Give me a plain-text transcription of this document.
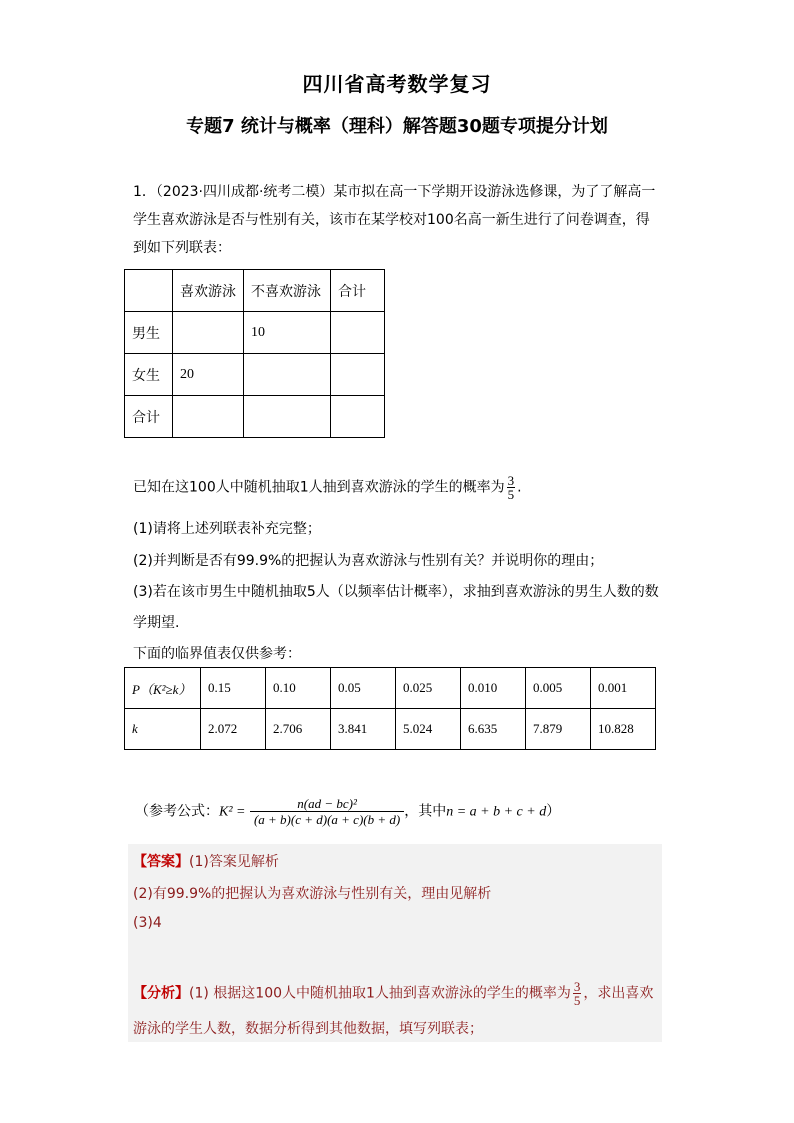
四川省高考数学复习
专题7 统计与概率（理科）解答题30题专项提分计划
1．（2023·四川成都·统考二模）某市拟在高一下学期开设游泳选修课，为了了解高一学生喜欢游泳是否与性别有关，该市在某学校对100名高一新生进行了问卷调查，得到如下列联表：
	喜欢游泳	不喜欢游泳	合计
男生		10	
女生	20		
合计			
已知在这100人中随机抽取1人抽到喜欢游泳的学生的概率为 $\frac{3}{5}$ .
(1)请将上述列联表补充完整；
(2)并判断是否有99.9%的把握认为喜欢游泳与性别有关？并说明你的理由；
(3)若在该市男生中随机抽取5人（以频率估计概率），求抽到喜欢游泳的男生人数的数
学期望.
下面的临界值表仅供参考：
P（K²≥k）	0.15	0.10	0.05	0.025	0.010	0.005	0.001
k	2.072	2.706	3.841	5.024	6.635	7.879	10.828
（参考公式：$K^2 = \frac{\text{n(ad − bc)²}}{(a + b)(c + d)(a + c)(b + d)}$ ，其中n = a + b + c + d）
【答案】(1)答案见解析
(2)有99.9%的把握认为喜欢游泳与性别有关，理由见解析
(3)4
【分析】(1) 根据这100人中随机抽取1人抽到喜欢游泳的学生的概率为 $\frac{3}{5}$ ，求出喜欢
游泳的学生人数，数据分析得到其他数据，填写列联表；
